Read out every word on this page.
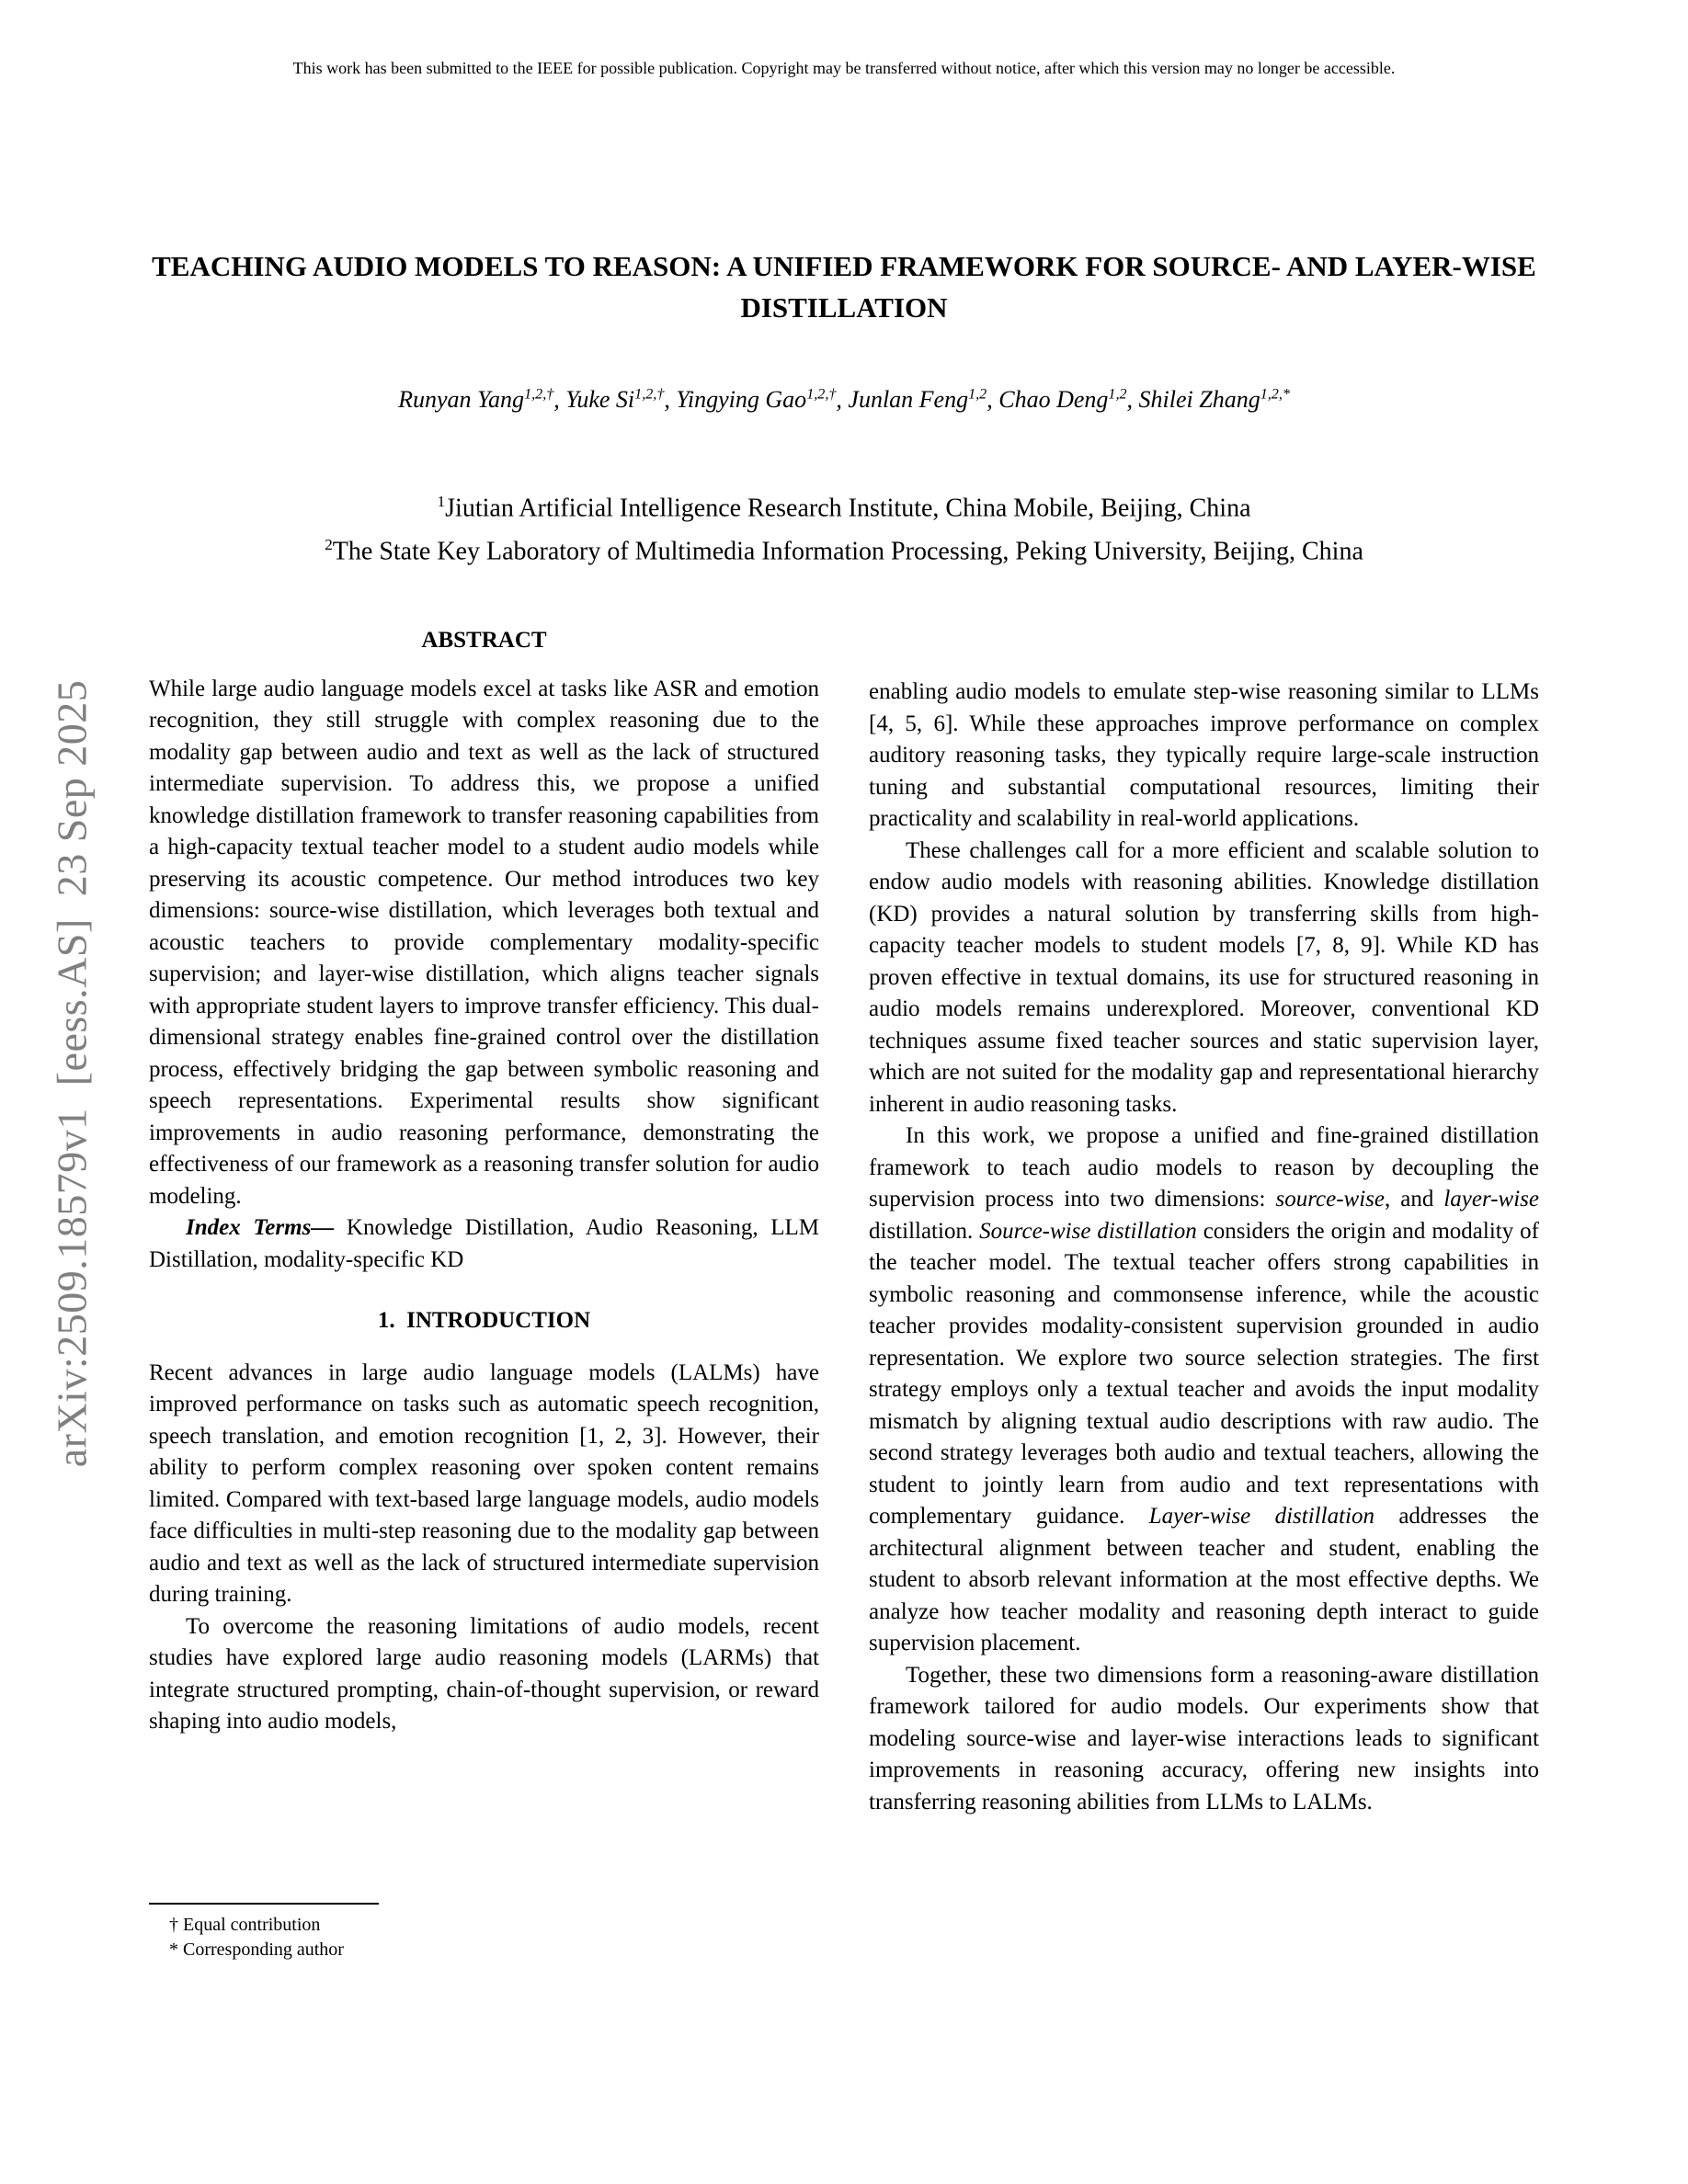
This work has been submitted to the IEEE for possible publication. Copyright may be transferred without notice, after which this version may no longer be accessible.
arXiv:2509.18579v1  [eess.AS]  23 Sep 2025
TEACHING AUDIO MODELS TO REASON: A UNIFIED FRAMEWORK FOR SOURCE- AND LAYER-WISE DISTILLATION
Runyan Yang$^{1,2,\dagger}$, Yuke $Si^{1,2,\dagger}$, Yingying Gao$^{1,2,\dagger}$, Junlan Feng$^{1,2}$, Chao Deng$^{1,2}$, Shilei Zhang$^{1,2,*}$
$^1$Jiutian Artificial Intelligence Research Institute, China Mobile, Beijing, China
$^2$The State Key Laboratory of Multimedia Information Processing, Peking University, Beijing, China
ABSTRACT

While large audio language models excel at tasks like ASR and emotion recognition, they still struggle with complex reasoning due to the modality gap between audio and text as well as the lack of structured intermediate supervision. To address this, we propose a unified knowledge distillation framework to transfer reasoning capabilities from a high-capacity textual teacher model to a student audio models while preserving its acoustic competence. Our method introduces two key dimensions: source-wise distillation, which leverages both textual and acoustic teachers to provide complementary modality-specific supervision; and layer-wise distillation, which aligns teacher signals with appropriate student layers to improve transfer efficiency. This dual-dimensional strategy enables fine-grained control over the distillation process, effectively bridging the gap between symbolic reasoning and speech representations. Experimental results show significant improvements in audio reasoning performance, demonstrating the effectiveness of our framework as a reasoning transfer solution for audio modeling.

Index Terms— Knowledge Distillation, Audio Reasoning, LLM Distillation, modality-specific KD

1. INTRODUCTION

Recent advances in large audio language models (LALMs) have improved performance on tasks such as automatic speech recognition, speech translation, and emotion recognition [1, 2, 3]. However, their ability to perform complex reasoning over spoken content remains limited. Compared with text-based large language models, audio models face difficulties in multi-step reasoning due to the modality gap between audio and text as well as the lack of structured intermediate supervision during training.

To overcome the reasoning limitations of audio models, recent studies have explored large audio reasoning models (LARMs) that integrate structured prompting, chain-of-thought supervision, or reward shaping into audio models,

enabling audio models to emulate step-wise reasoning similar to LLMs [4, 5, 6]. While these approaches improve performance on complex auditory reasoning tasks, they typically require large-scale instruction tuning and substantial computational resources, limiting their practicality and scalability in real-world applications.

These challenges call for a more efficient and scalable solution to endow audio models with reasoning abilities. Knowledge distillation (KD) provides a natural solution by transferring skills from high-capacity teacher models to student models [7, 8, 9]. While KD has proven effective in textual domains, its use for structured reasoning in audio models remains underexplored. Moreover, conventional KD techniques assume fixed teacher sources and static supervision layer, which are not suited for the modality gap and representational hierarchy inherent in audio reasoning tasks.

In this work, we propose a unified and fine-grained distillation framework to teach audio models to reason by decoupling the supervision process into two dimensions: source-wise, and layer-wise distillation. Source-wise distillation considers the origin and modality of the teacher model. The textual teacher offers strong capabilities in symbolic reasoning and commonsense inference, while the acoustic teacher provides modality-consistent supervision grounded in audio representation. We explore two source selection strategies. The first strategy employs only a textual teacher and avoids the input modality mismatch by aligning textual audio descriptions with raw audio. The second strategy leverages both audio and textual teachers, allowing the student to jointly learn from audio and text representations with complementary guidance. Layer-wise distillation addresses the architectural alignment between teacher and student, enabling the student to absorb relevant information at the most effective depths. We analyze how teacher modality and reasoning depth interact to guide supervision placement.

Together, these two dimensions form a reasoning-aware distillation framework tailored for audio models. Our experiments show that modeling source-wise and layer-wise interactions leads to significant improvements in reasoning accuracy, offering new insights into transferring reasoning abilities from LLMs to LALMs.

† Equal contribution
* Corresponding author
